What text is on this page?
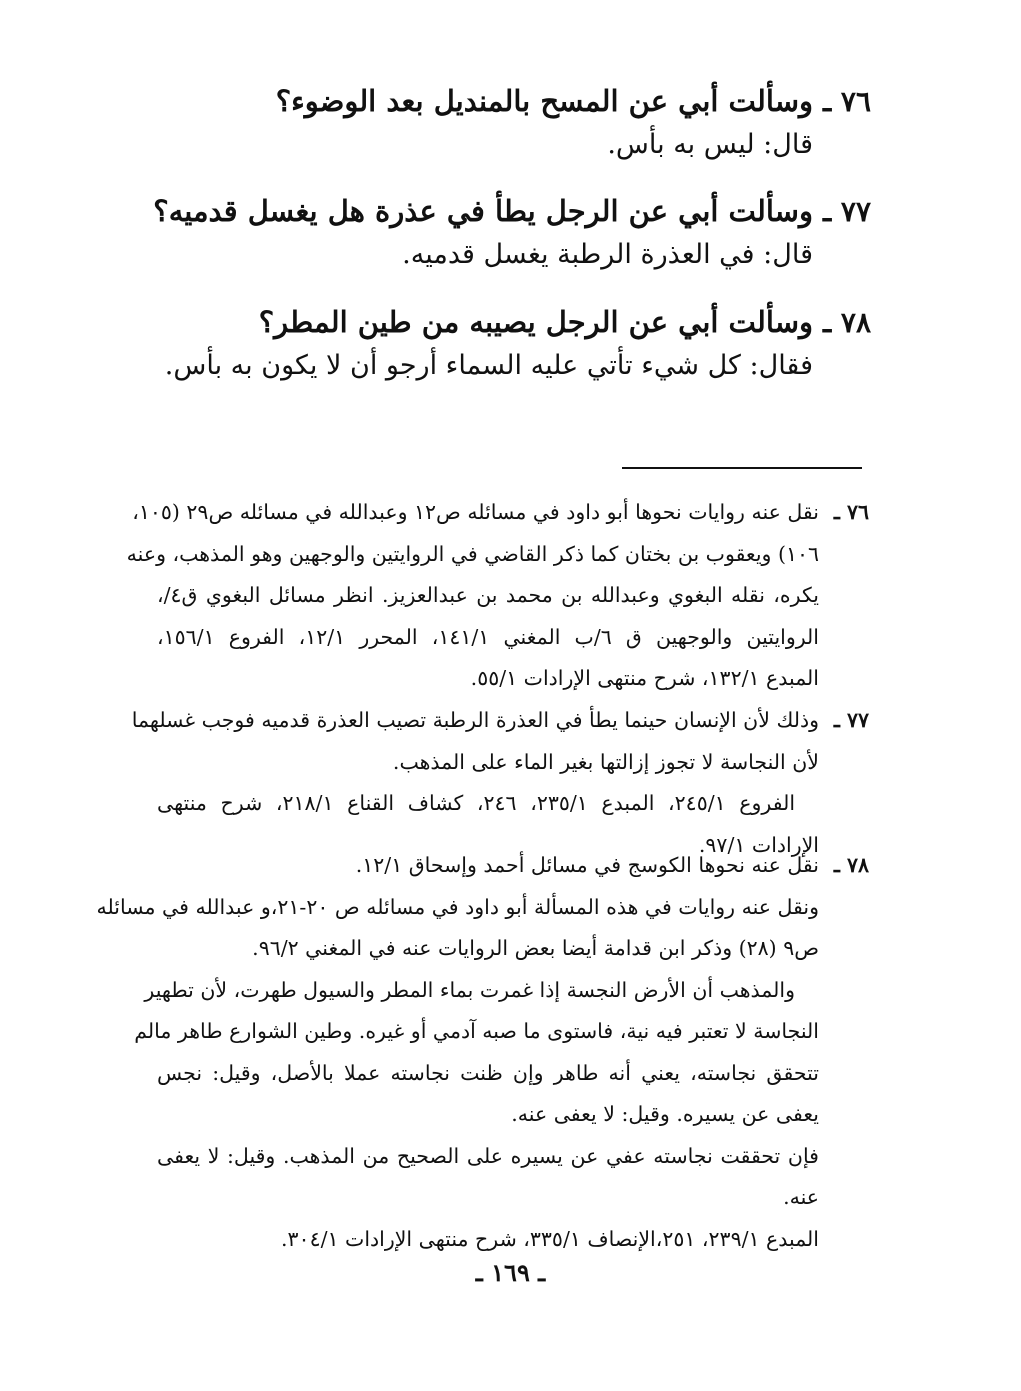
٧٦ ـ
وسألت أبي عن المسح بالمنديل بعد الوضوء؟
قال: ليس به بأس.
٧٧ ـ
وسألت أبي عن الرجل يطأ في عذرة هل يغسل قدميه؟
قال: في العذرة الرطبة يغسل قدميه.
٧٨ ـ
وسألت أبي عن الرجل يصيبه من طين المطر؟
فقال: كل شيء تأتي عليه السماء أرجو أن لا يكون به بأس.
٧٦ ـ
نقل عنه روايات نحوها أبو داود في مسائله ص١٢ وعبدالله في مسائله ص٢٩ (١٠٥،
١٠٦) ويعقوب بن بختان كما ذكر القاضي في الروايتين والوجهين وهو المذهب، وعنه
يكره، نقله البغوي وعبدالله بن محمد بن عبدالعزيز. انظر مسائل البغوي ق٤/،
الروايتين والوجهين ق ٦/ب المغني ١٤١/١، المحرر ١٢/١، الفروع ١٥٦/١،
المبدع ١٣٢/١، شرح منتهى الإرادات ٥٥/١.
٧٧ ـ
وذلك لأن الإنسان حينما يطأ في العذرة الرطبة تصيب العذرة قدميه فوجب غسلهما
لأن النجاسة لا تجوز إزالتها بغير الماء على المذهب.
الفروع ٢٤٥/١، المبدع ٢٣٥/١، ٢٤٦، كشاف القناع ٢١٨/١، شرح منتهى
الإرادات ٩٧/١.
٧٨ ـ
نقل عنه نحوها الكوسج في مسائل أحمد وإسحاق ١٢/١.
ونقل عنه روايات في هذه المسألة أبو داود في مسائله ص ٢٠-٢١،و عبدالله في مسائله
ص٩ (٢٨) وذكر ابن قدامة أيضا بعض الروايات عنه في المغني ٩٦/٢.
والمذهب أن الأرض النجسة إذا غمرت بماء المطر والسيول طهرت، لأن تطهير
النجاسة لا تعتبر فيه نية، فاستوى ما صبه آدمي أو غيره. وطين الشوارع طاهر مالم
تتحقق نجاسته، يعني أنه طاهر وإن ظنت نجاسته عملا بالأصل، وقيل: نجس
يعفى عن يسيره. وقيل: لا يعفى عنه.
فإن تحققت نجاسته عفي عن يسيره على الصحيح من المذهب. وقيل: لا يعفى
عنه.
المبدع ٢٣٩/١، ٢٥١،الإنصاف ٣٣٥/١، شرح منتهى الإرادات ٣٠٤/١.
ـ ١٦٩ ـ
